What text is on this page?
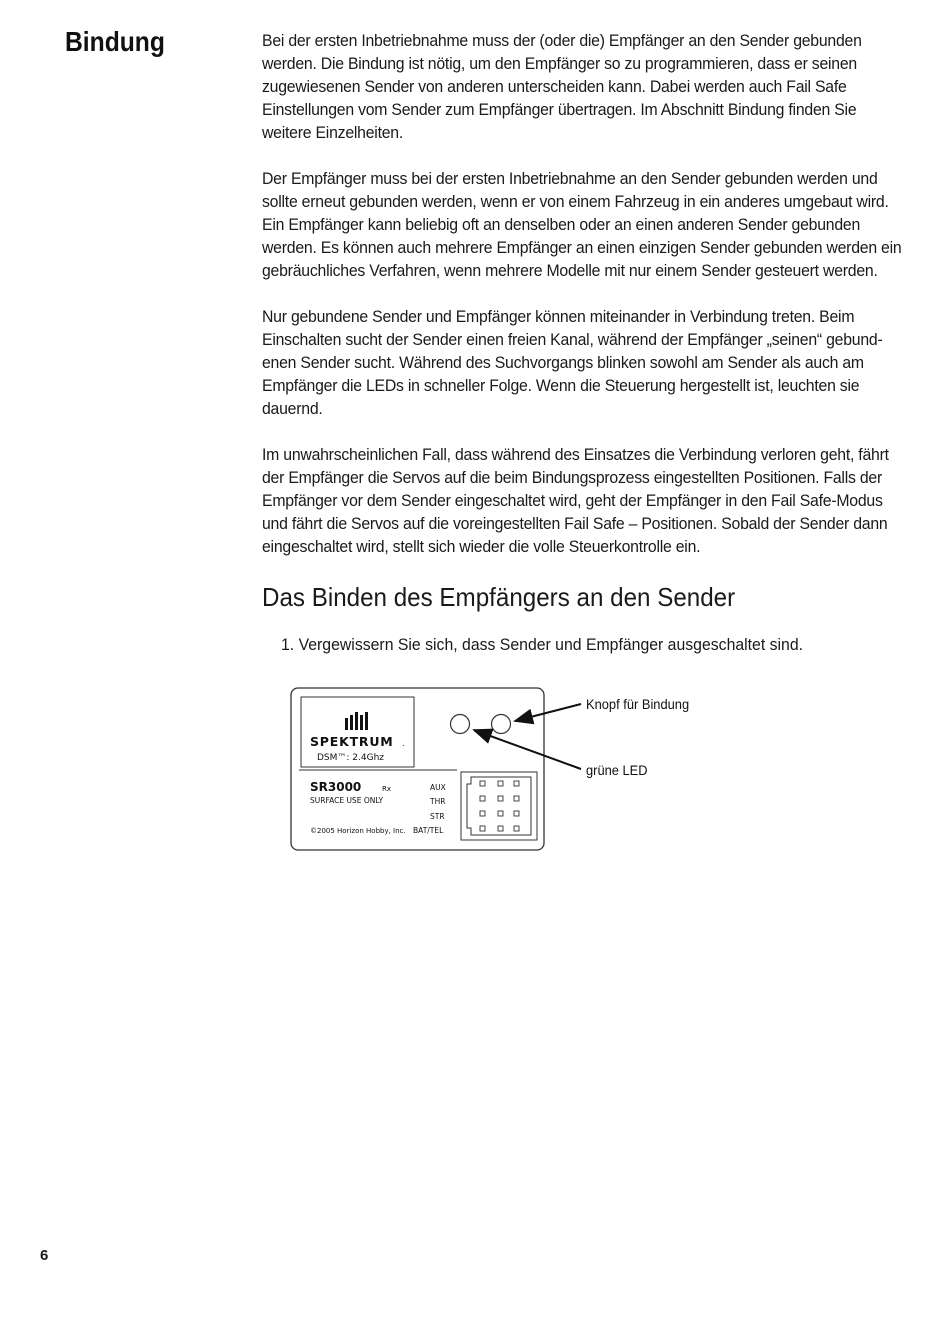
Bindung	Bei der ersten Inbetriebnahme muss der (oder die) Empfänger an den Sender gebunden werden. Die Bindung ist nötig, um den Empfänger so zu programmieren, dass er seinen zugewiesenen Sender von anderen unterscheiden kann. Dabei werden auch Fail Safe Einstellungen vom Sender zum Empfänger übertragen. Im Abschnitt Bindung finden Sie weitere Einzelheiten.

Der Empfänger muss bei der ersten Inbetriebnahme an den Sender gebunden werden und sollte erneut gebunden werden, wenn er von einem Fahrzeug in ein anderes umgebaut wird. Ein Empfänger kann beliebig oft an denselben oder an einen anderen Sender gebunden werden. Es können auch mehrere Empfänger an einen einzigen Sender gebunden werden ein gebräuchliches Verfahren, wenn mehrere Modelle mit nur einem Sender gesteuert werden.

Nur gebundene Sender und Empfänger können miteinander in Verbindung treten. Beim Einschalten sucht der Sender einen freien Kanal, während der Empfänger „seinen“ gebund-enen Sender sucht. Während des Suchvorgangs blinken sowohl am Sender als auch am Empfänger die LEDs in schneller Folge. Wenn die Steuerung hergestellt ist, leuchten sie dauernd.

Im unwahrscheinlichen Fall, dass während des Einsatzes die Verbindung verloren geht, fährt der Empfänger die Servos auf die beim Bindungsprozess eingestellten Positionen. Falls der Empfänger vor dem Sender eingeschaltet wird, geht der Empfänger in den Fail Safe-Modus und fährt die Servos auf die voreingestellten Fail Safe – Positionen. Sobald der Sender dann eingeschaltet wird, stellt sich wieder die volle Steuerkontrolle ein.

Das Binden des Empfängers an den Sender

1. Vergewissern Sie sich, dass Sender und Empfänger ausgeschaltet sind.

SPEKTRUM .
DSM™: 2.4Ghz
SR3000	Rx
SURFACE USE ONLY
©2005 Horizon Hobby, Inc.
AUX
THR
STR
BAT/TEL
Knopf für Bindung
grüne LED
6
